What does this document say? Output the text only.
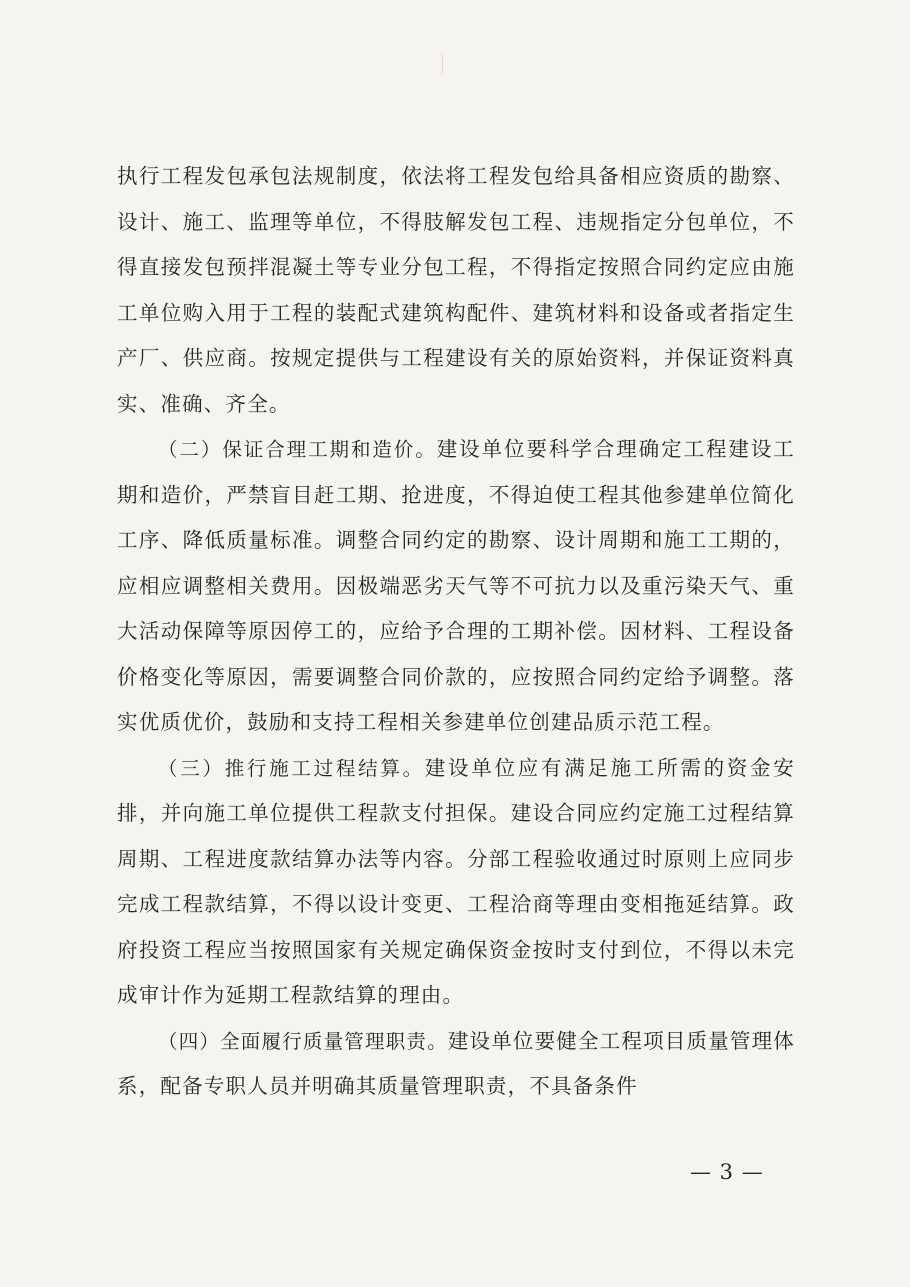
执行工程发包承包法规制度，依法将工程发包给具备相应资质的勘察、设计、施工、监理等单位，不得肢解发包工程、违规指定分包单位，不得直接发包预拌混凝土等专业分包工程，不得指定按照合同约定应由施工单位购入用于工程的装配式建筑构配件、建筑材料和设备或者指定生产厂、供应商。按规定提供与工程建设有关的原始资料，并保证资料真实、准确、齐全。

（二）保证合理工期和造价。建设单位要科学合理确定工程建设工期和造价，严禁盲目赶工期、抢进度，不得迫使工程其他参建单位简化工序、降低质量标准。调整合同约定的勘察、设计周期和施工工期的，应相应调整相关费用。因极端恶劣天气等不可抗力以及重污染天气、重大活动保障等原因停工的，应给予合理的工期补偿。因材料、工程设备价格变化等原因，需要调整合同价款的，应按照合同约定给予调整。落实优质优价，鼓励和支持工程相关参建单位创建品质示范工程。

（三）推行施工过程结算。建设单位应有满足施工所需的资金安排，并向施工单位提供工程款支付担保。建设合同应约定施工过程结算周期、工程进度款结算办法等内容。分部工程验收通过时原则上应同步完成工程款结算，不得以设计变更、工程洽商等理由变相拖延结算。政府投资工程应当按照国家有关规定确保资金按时支付到位，不得以未完成审计作为延期工程款结算的理由。

（四）全面履行质量管理职责。建设单位要健全工程项目质量管理体系，配备专职人员并明确其质量管理职责，不具备条件

— 3 —
